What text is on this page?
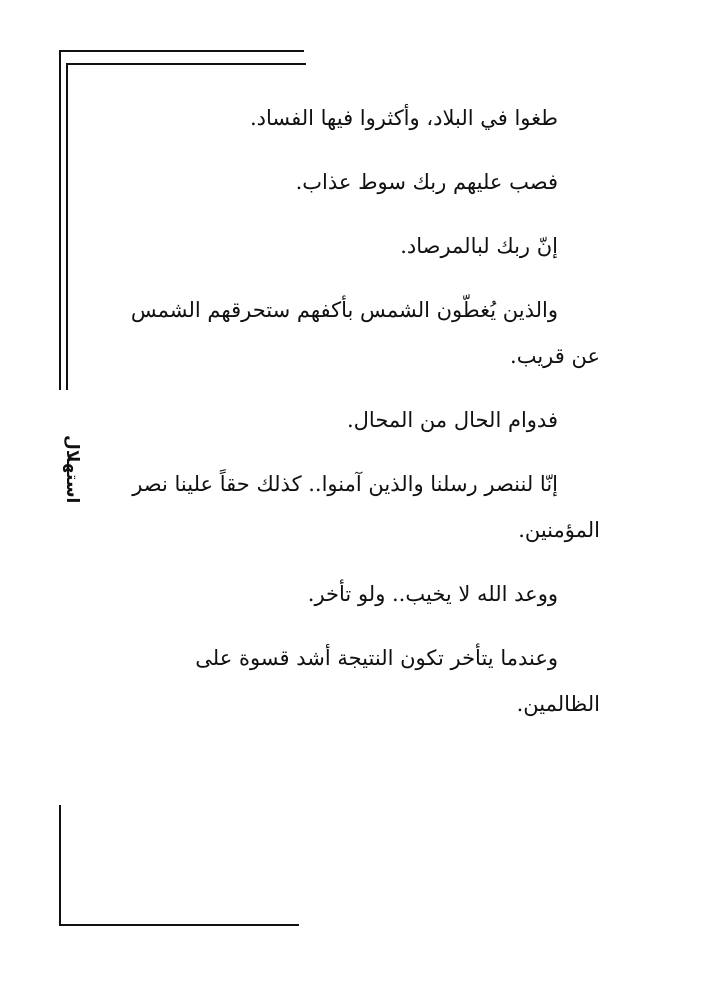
استهلال

طغوا في البلاد، وأكثروا فيها الفساد.

فصب عليهم ربك سوط عذاب.

إنّ ربك لبالمرصاد.

والذين يُغطّون الشمس بأكفهم ستحرقهم الشمس عن قريب.

فدوام الحال من المحال.

إنّا لننصر رسلنا والذين آمنوا.. كذلك حقاً علينا نصر المؤمنين.

ووعد الله لا يخيب.. ولو تأخر.

وعندما يتأخر تكون النتيجة أشد قسوة على الظالمين.
